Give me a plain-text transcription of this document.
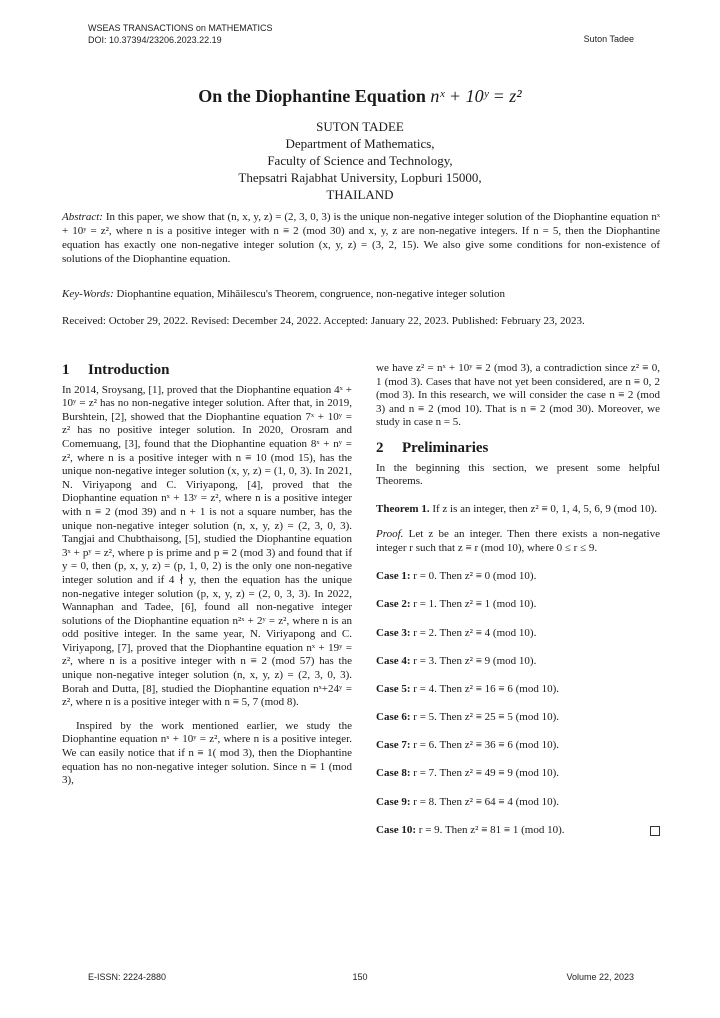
WSEAS TRANSACTIONS on MATHEMATICS
DOI: 10.37394/23206.2023.22.19	Suton Tadee
On the Diophantine Equation nˣ + 10ʸ = z²
SUTON TADEE
Department of Mathematics,
Faculty of Science and Technology,
Thepsatri Rajabhat University, Lopburi 15000,
THAILAND
Abstract: In this paper, we show that (n, x, y, z) = (2, 3, 0, 3) is the unique non-negative integer solution of the Diophantine equation nˣ + 10ʸ = z², where n is a positive integer with n ≡ 2 (mod 30) and x, y, z are non-negative integers. If n = 5, then the Diophantine equation has exactly one non-negative integer solution (x, y, z) = (3, 2, 15). We also give some conditions for non-existence of solutions of the Diophantine equation.
Key-Words: Diophantine equation, Mihăilescu's Theorem, congruence, non-negative integer solution
Received: October 29, 2022. Revised: December 24, 2022. Accepted: January 22, 2023. Published: February 23, 2023.
1 Introduction

In 2014, Sroysang, [1], proved that the Diophantine equation 4ˣ + 10ʸ = z² has no non-negative integer solution. After that, in 2019, Burshtein, [2], showed that the Diophantine equation 7ˣ + 10ʸ = z² has no positive integer solution. In 2020, Orosram and Comemuang, [3], found that the Diophantine equation 8ˣ + nʸ = z², where n is a positive integer with n ≡ 10 (mod 15), has the unique non-negative integer solution (x, y, z) = (1, 0, 3). In 2021, N. Viriyapong and C. Viriyapong, [4], proved that the Diophantine equation nˣ + 13ʸ = z², where n is a positive integer with n ≡ 2 (mod 39) and n + 1 is not a square number, has the unique non-negative integer solution (n, x, y, z) = (2, 3, 0, 3). Tangjai and Chubthaisong, [5], studied the Diophantine equation 3ˣ + pʸ = z², where p is prime and p ≡ 2 (mod 3) and found that if y = 0, then (p, x, y, z) = (p, 1, 0, 2) is the only one non-negative integer solution and if 4 ∤ y, then the equation has the unique non-negative integer solution (p, x, y, z) = (2, 0, 3, 3). In 2022, Wannaphan and Tadee, [6], found all non-negative integer solutions of the Diophantine equation n²ˣ + 2ʸ = z², where n is an odd positive integer. In the same year, N. Viriyapong and C. Viriyapong, [7], proved that the Diophantine equation nˣ + 19ʸ = z², where n is a positive integer with n ≡ 2 (mod 57) has the unique non-negative integer solution (n, x, y, z) = (2, 3, 0, 3). Borah and Dutta, [8], studied the Diophantine equation nˣ+24ʸ = z², where n is a positive integer with n ≡ 5, 7 (mod 8).

Inspired by the work mentioned earlier, we study the Diophantine equation nˣ + 10ʸ = z², where n is a positive integer. We can easily notice that if n ≡ 1( mod 3), then the Diophantine equation has no non-negative integer solution. Since n ≡ 1 (mod 3),

we have z² = nˣ + 10ʸ ≡ 2 (mod 3), a contradiction since z² ≡ 0, 1 (mod 3). Cases that have not yet been considered, are n ≡ 0, 2 (mod 3). In this research, we will consider the case n ≡ 2 (mod 3) and n ≡ 2 (mod 10). That is n ≡ 2 (mod 30). Moreover, we study in case n = 5.

2 Preliminaries

In the beginning this section, we present some helpful Theorems.

Theorem 1. If z is an integer, then z² ≡ 0, 1, 4, 5, 6, 9 (mod 10).

Proof. Let z be an integer. Then there exists a non-negative integer r such that z ≡ r (mod 10), where 0 ≤ r ≤ 9.

Case 1: r = 0. Then z² ≡ 0 (mod 10).

Case 2: r = 1. Then z² ≡ 1 (mod 10).

Case 3: r = 2. Then z² ≡ 4 (mod 10).

Case 4: r = 3. Then z² ≡ 9 (mod 10).

Case 5: r = 4. Then z² ≡ 16 ≡ 6 (mod 10).

Case 6: r = 5. Then z² ≡ 25 ≡ 5 (mod 10).

Case 7: r = 6. Then z² ≡ 36 ≡ 6 (mod 10).

Case 8: r = 7. Then z² ≡ 49 ≡ 9 (mod 10).

Case 9: r = 8. Then z² ≡ 64 ≡ 4 (mod 10).

Case 10: r = 9. Then z² ≡ 81 ≡ 1 (mod 10).

E-ISSN: 2224-2880	150	Volume 22, 2023
